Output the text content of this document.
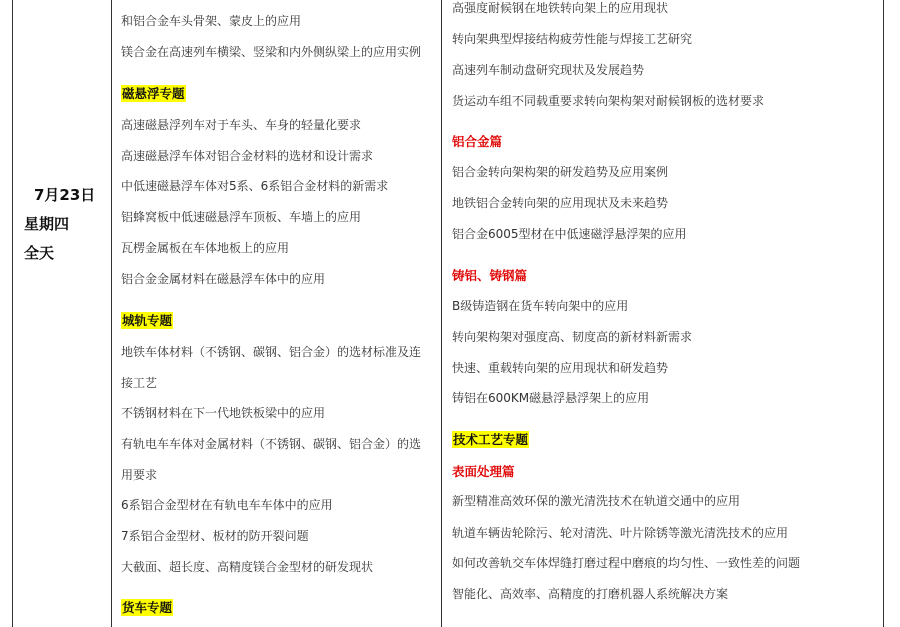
7月23日
星期四
全天
和铝合金车头骨架、蒙皮上的应用
镁合金在高速列车横梁、竖梁和内外侧纵梁上的应用实例
磁悬浮专题
高速磁悬浮列车对于车头、车身的轻量化要求
高速磁悬浮车体对铝合金材料的选材和设计需求
中低速磁悬浮车体对5系、6系铝合金材料的新需求
铝蜂窝板中低速磁悬浮车顶板、车墙上的应用
瓦楞金属板在车体地板上的应用
铝合金金属材料在磁悬浮车体中的应用
城轨专题
地铁车体材料（不锈钢、碳钢、铝合金）的选材标准及连接工艺
不锈钢材料在下一代地铁板梁中的应用
有轨电车车体对金属材料（不锈钢、碳钢、铝合金）的选用要求
6系铝合金型材在有轨电车车体中的应用
7系铝合金型材、板材的防开裂问题
大截面、超长度、高精度镁合金型材的研发现状
货车专题
高强度耐候钢在地铁转向架上的应用现状
转向架典型焊接结构疲劳性能与焊接工艺研究
高速列车制动盘研究现状及发展趋势
货运动车组不同载重要求转向架构架对耐候钢板的选材要求
铝合金篇
铝合金转向架构架的研发趋势及应用案例
地铁铝合金转向架的应用现状及未来趋势
铝合金6005型材在中低速磁浮悬浮架的应用
铸铝、铸钢篇
B级铸造钢在货车转向架中的应用
转向架构架对强度高、韧度高的新材料新需求
快速、重载转向架的应用现状和研发趋势
铸铝在600KM磁悬浮悬浮架上的应用
技术工艺专题
表面处理篇
新型精准高效环保的激光清洗技术在轨道交通中的应用
轨道车辆齿轮除污、轮对清洗、叶片除锈等激光清洗技术的应用
如何改善轨交车体焊缝打磨过程中磨痕的均匀性、一致性差的问题
智能化、高效率、高精度的打磨机器人系统解决方案
